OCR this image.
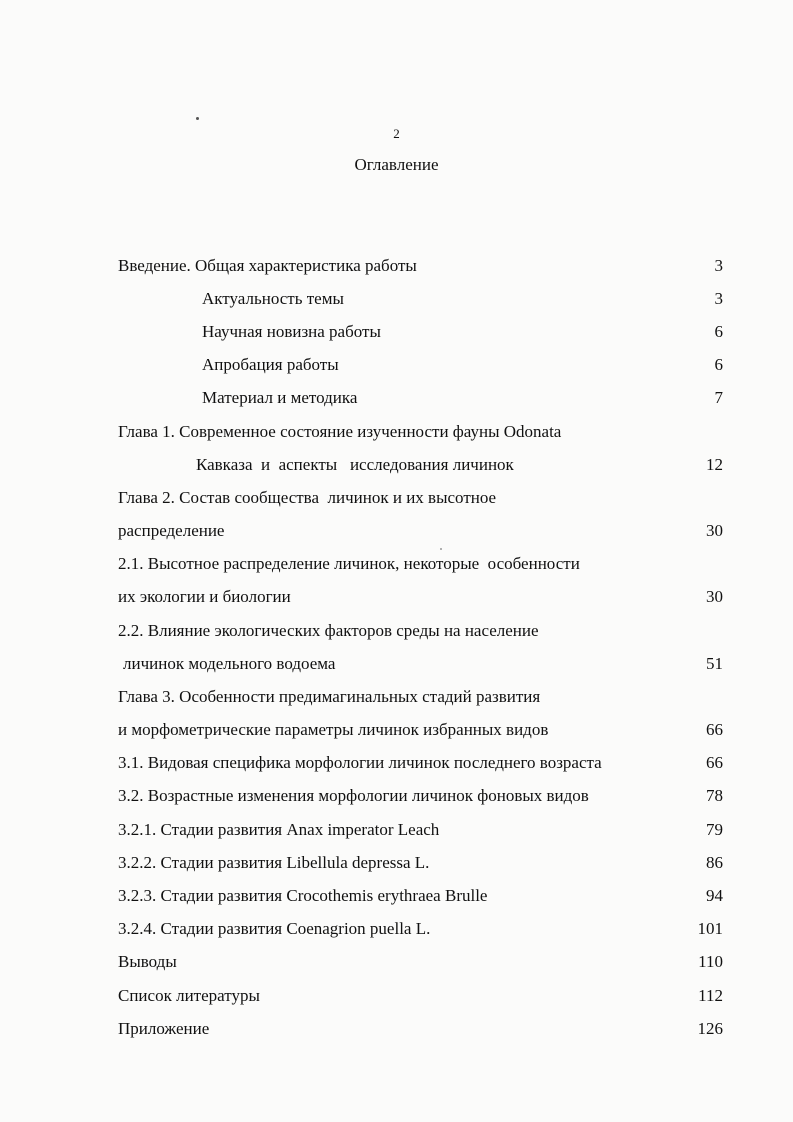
2
Оглавление
Введение. Общая характеристика работы	3
Актуальность темы	3
Научная новизна работы	6
Апробация работы	6
Материал и методика	7
Глава 1. Современное состояние изученности фауны Odonata
Кавказа  и  аспекты   исследования личинок	12
Глава 2. Состав сообщества  личинок и их высотное
распределение	30
2.1. Высотное распределение личинок, некоторые  особенности
их экологии и биологии	30
2.2. Влияние экологических факторов среды на население
личинок модельного водоема	51
Глава 3. Особенности предимагинальных стадий развития
и морфометрические параметры личинок избранных видов	66
3.1. Видовая специфика морфологии личинок последнего возраста	66
3.2. Возрастные изменения морфологии личинок фоновых видов	78
3.2.1. Стадии развития Anax imperator Leach	79
3.2.2. Стадии развития Libellula depressa L.	86
3.2.3. Стадии развития Crocothemis erythraea Brulle	94
3.2.4. Стадии развития Coenagrion puella L.	101
Выводы	110
Список литературы	112
Приложение	126
